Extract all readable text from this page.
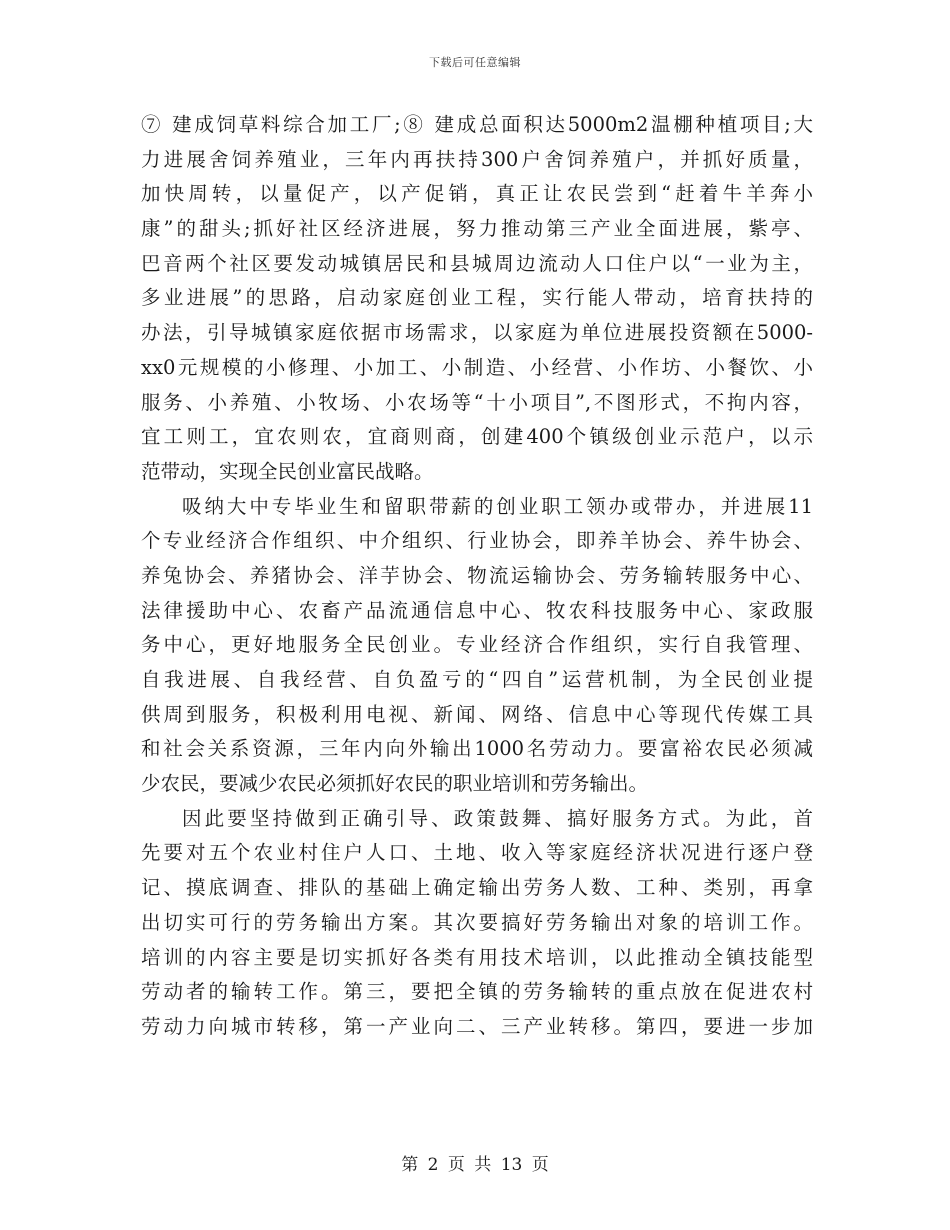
下载后可任意编辑
⑦ 建成饲草料综合加工厂;⑧ 建成总面积达5000m2温棚种植项目;大
力进展舍饲养殖业，三年内再扶持300户舍饲养殖户，并抓好质量，
加快周转，以量促产，以产促销，真正让农民尝到“赶着牛羊奔小
康”的甜头;抓好社区经济进展，努力推动第三产业全面进展，紫亭、
巴音两个社区要发动城镇居民和县城周边流动人口住户以“一业为主，
多业进展”的思路，启动家庭创业工程，实行能人带动，培育扶持的
办法，引导城镇家庭依据市场需求，以家庭为单位进展投资额在5000-
xx0元规模的小修理、小加工、小制造、小经营、小作坊、小餐饮、小
服务、小养殖、小牧场、小农场等“十小项目”,不图形式，不拘内容，
宜工则工，宜农则农，宜商则商，创建400个镇级创业示范户，以示
范带动，实现全民创业富民战略。
吸纳大中专毕业生和留职带薪的创业职工领办或带办，并进展11
个专业经济合作组织、中介组织、行业协会，即养羊协会、养牛协会、
养兔协会、养猪协会、洋芋协会、物流运输协会、劳务输转服务中心、
法律援助中心、农畜产品流通信息中心、牧农科技服务中心、家政服
务中心，更好地服务全民创业。专业经济合作组织，实行自我管理、
自我进展、自我经营、自负盈亏的“四自”运营机制，为全民创业提
供周到服务，积极利用电视、新闻、网络、信息中心等现代传媒工具
和社会关系资源，三年内向外输出1000名劳动力。要富裕农民必须减
少农民，要减少农民必须抓好农民的职业培训和劳务输出。
因此要坚持做到正确引导、政策鼓舞、搞好服务方式。为此，首
先要对五个农业村住户人口、土地、收入等家庭经济状况进行逐户登
记、摸底调查、排队的基础上确定输出劳务人数、工种、类别，再拿
出切实可行的劳务输出方案。其次要搞好劳务输出对象的培训工作。
培训的内容主要是切实抓好各类有用技术培训，以此推动全镇技能型
劳动者的输转工作。第三，要把全镇的劳务输转的重点放在促进农村
劳动力向城市转移，第一产业向二、三产业转移。第四，要进一步加
第 2 页 共 13 页
